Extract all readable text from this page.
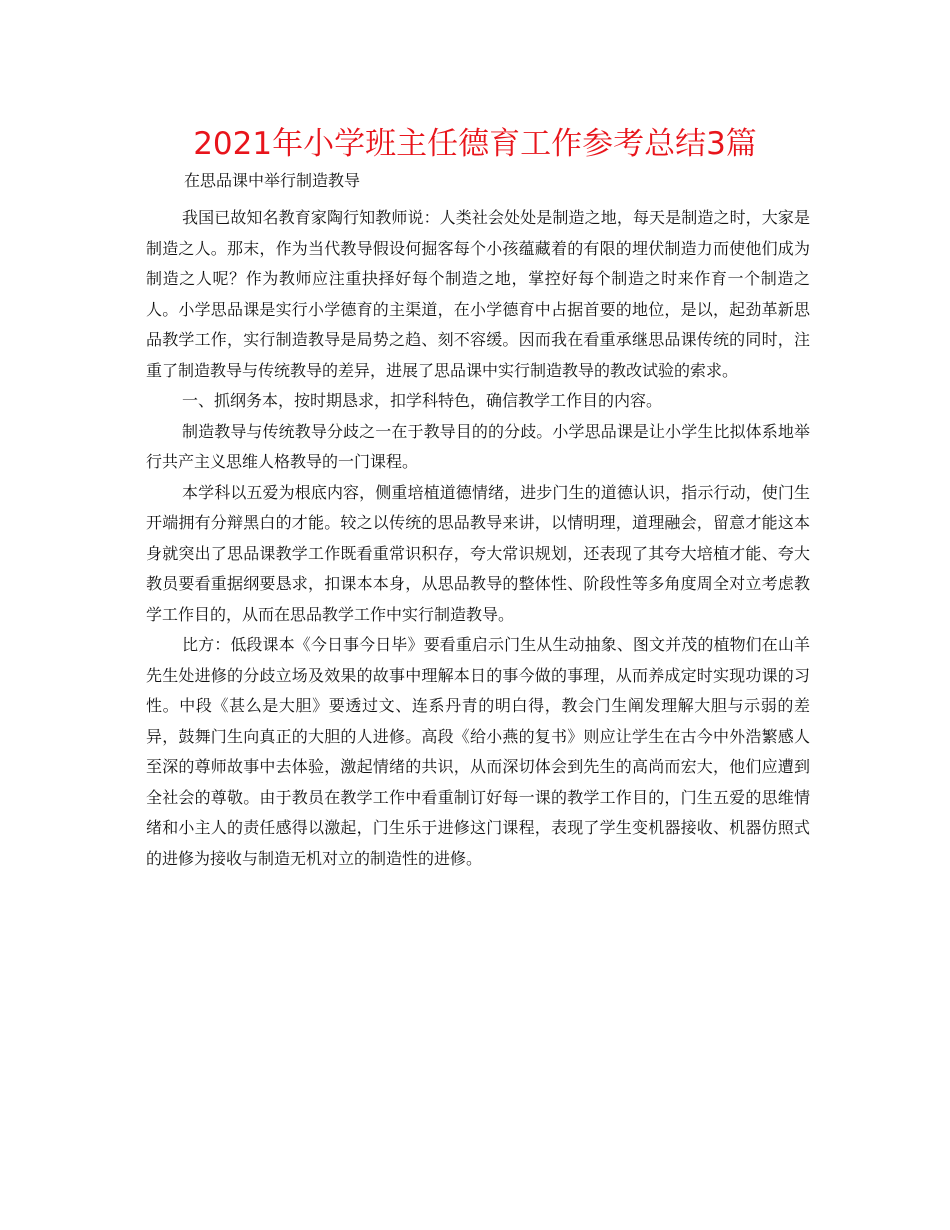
2021年小学班主任德育工作参考总结3篇
在思品课中举行制造教导

我国已故知名教育家陶行知教师说：人类社会处处是制造之地，每天是制造之时，大家是制造之人。那末，作为当代教导假设何掘客每个小孩蕴藏着的有限的埋伏制造力而使他们成为制造之人呢？作为教师应注重抉择好每个制造之地，掌控好每个制造之时来作育一个制造之人。小学思品课是实行小学德育的主渠道，在小学德育中占据首要的地位，是以，起劲革新思品教学工作，实行制造教导是局势之趋、刻不容缓。因而我在看重承继思品课传统的同时，注重了制造教导与传统教导的差异，进展了思品课中实行制造教导的教改试验的索求。

一、抓纲务本，按时期恳求，扣学科特色，确信教学工作目的内容。

制造教导与传统教导分歧之一在于教导目的的分歧。小学思品课是让小学生比拟体系地举行共产主义思维人格教导的一门课程。

本学科以五爱为根底内容，侧重培植道德情绪，进步门生的道德认识，指示行动，使门生开端拥有分辩黑白的才能。较之以传统的思品教导来讲，以情明理，道理融会，留意才能这本身就突出了思品课教学工作既看重常识积存，夸大常识规划，还表现了其夸大培植才能、夸大教员要看重据纲要恳求，扣课本本身，从思品教导的整体性、阶段性等多角度周全对立考虑教学工作目的，从而在思品教学工作中实行制造教导。

比方：低段课本《今日事今日毕》要看重启示门生从生动抽象、图文并茂的植物们在山羊先生处进修的分歧立场及效果的故事中理解本日的事今做的事理，从而养成定时实现功课的习性。中段《甚么是大胆》要透过文、连系丹青的明白得，教会门生阐发理解大胆与示弱的差异，鼓舞门生向真正的大胆的人进修。高段《给小燕的复书》则应让学生在古今中外浩繁感人至深的尊师故事中去体验，激起情绪的共识，从而深切体会到先生的高尚而宏大，他们应遭到全社会的尊敬。由于教员在教学工作中看重制订好每一课的教学工作目的，门生五爱的思维情绪和小主人的责任感得以激起，门生乐于进修这门课程，表现了学生变机器接收、机器仿照式的进修为接收与制造无机对立的制造性的进修。
